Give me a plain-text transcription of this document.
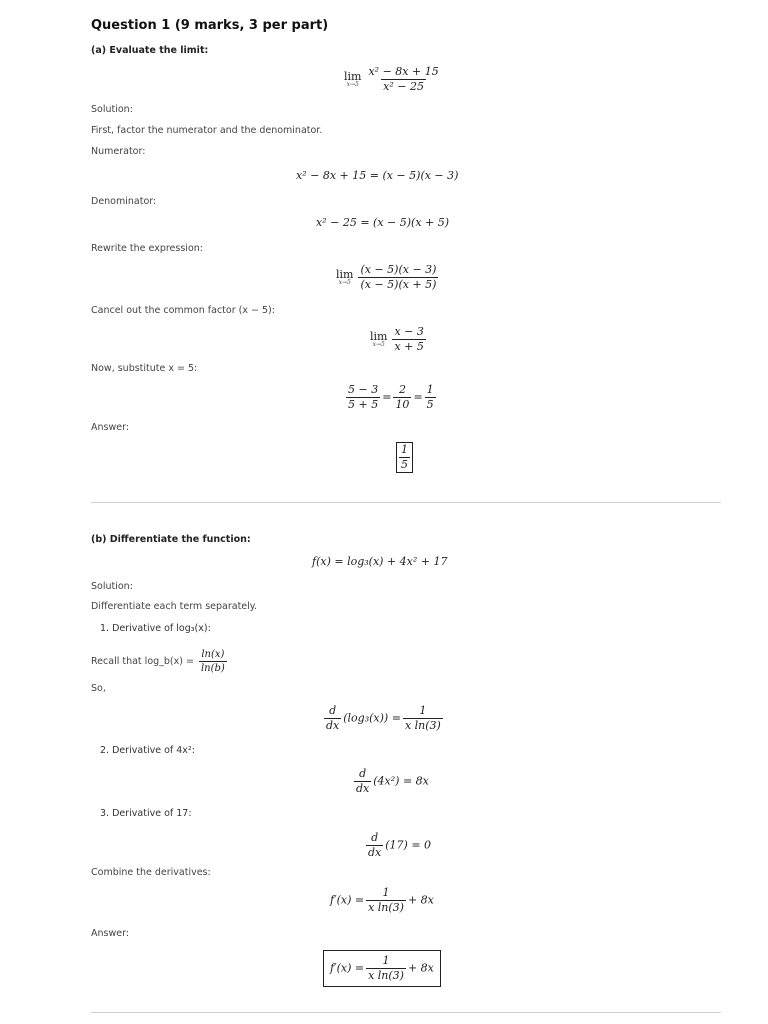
Question 1 (9 marks, 3 per part)
(a) Evaluate the limit:
lim
$x\to 5 \frac{\text{x² − 8x + 15}}{\text{x² − 25}}$
Solution:
First, factor the numerator and the denominator.
Numerator:
x² − 8x + 15 = (x − 5)(x − 3)
Denominator:
x² − 25 = (x − 5)(x + 5)
Rewrite the expression:
lim
$x\to 5 \frac{(x - 5)(x - 3)}{(x - 5)(x + 5)}$
Cancel out the common factor (x − 5):
lim
$x\to 5 \frac{x - 3}{x + 5}$
Now, substitute x = 5:
$\frac{5 - 3}{5 + 5} = \frac{2}{10} = \frac{1}{5}$
Answer:
$\frac{1}{5}$
(b) Differentiate the function:
f(x) = log₃(x) + 4x² + 17
Solution:
Differentiate each term separately.
1. Derivative of log₃(x):
Recall that log_b(x) = $\frac{\ln(x)}{\ln(b)}$
So,
$\frac{d}{dx} (\log_3(x)) = \frac{1}{\text{x ln(3)}}$
2. Derivative of 4x²:
$\frac{d}{dx} (4x^2) = 8x$
3. Derivative of 17:
$\frac{d}{dx} (17) = 0$
Combine the derivatives:
$f'(x) = \frac{1}{\text{x ln(3)}} + 8x$
Answer:
$f'(x) = \frac{1}{\text{x ln(3)}} + 8x$
